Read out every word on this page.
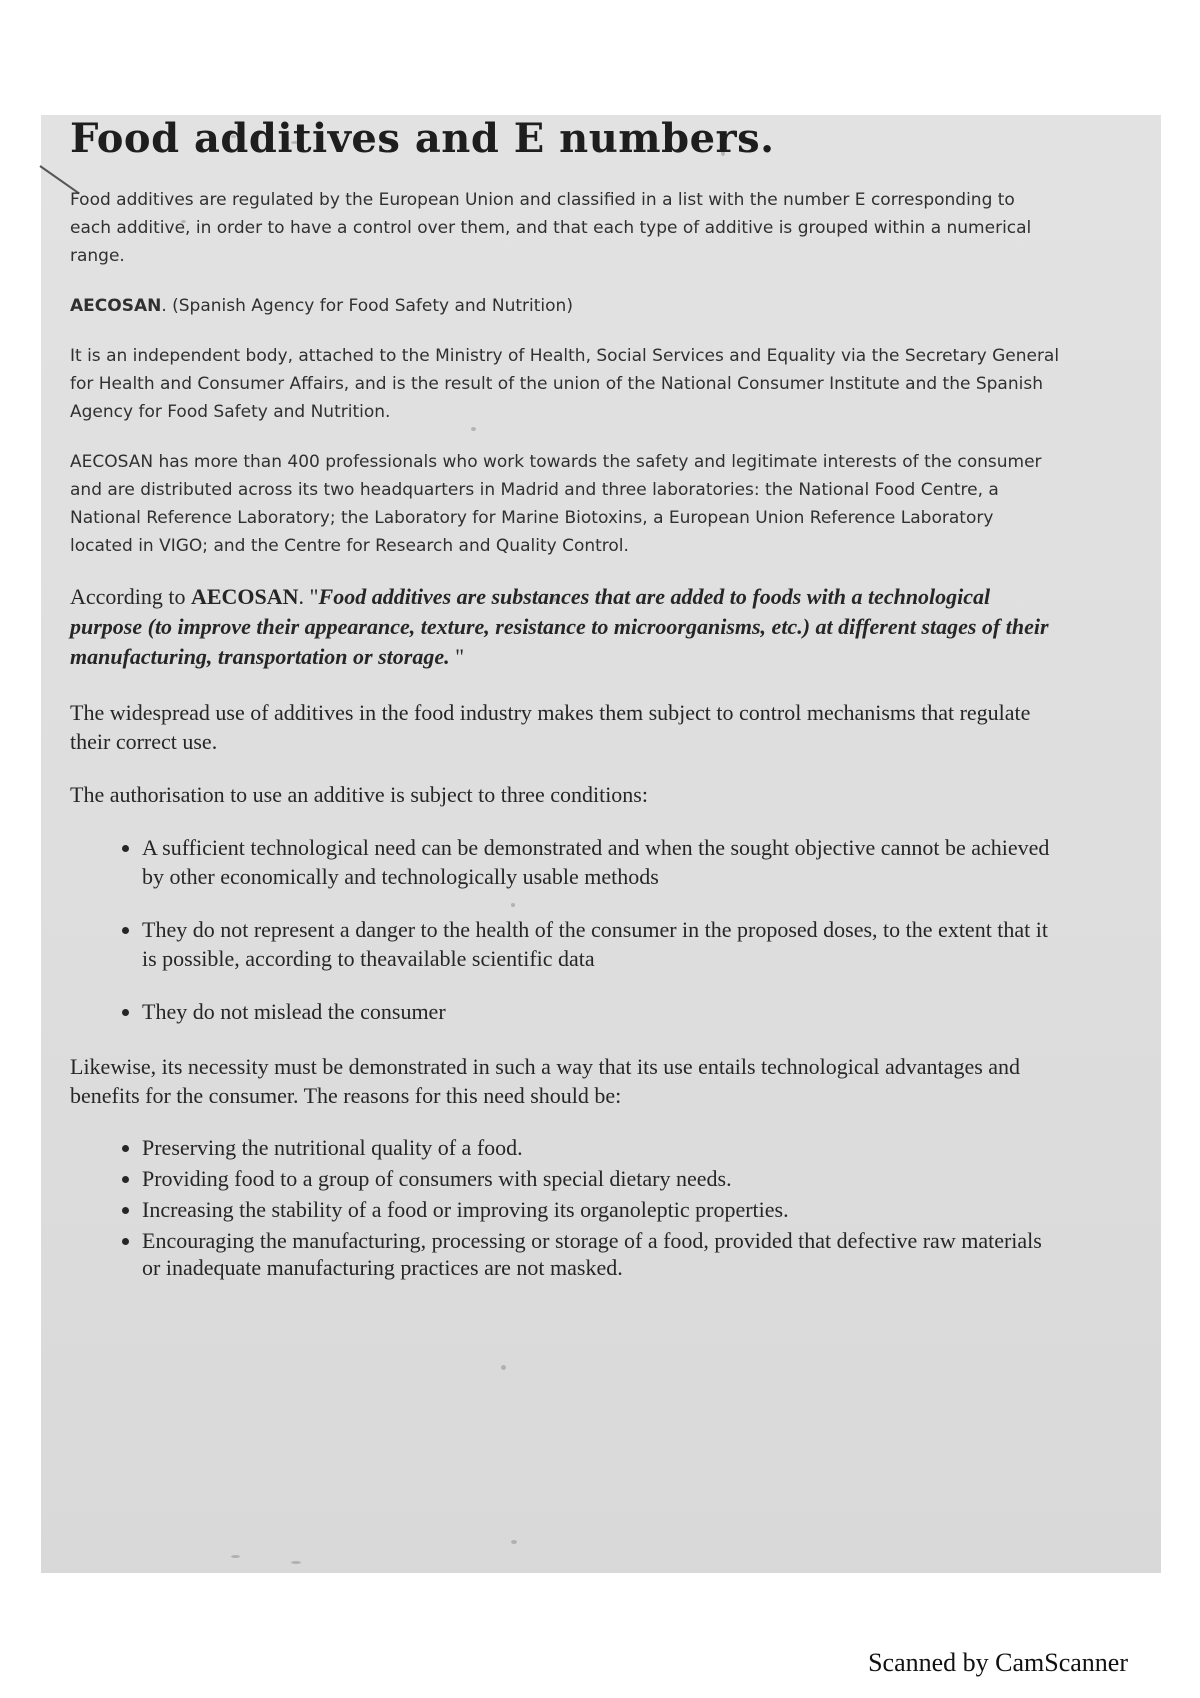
Food additives and E numbers.

Food additives are regulated by the European Union and classified in a list with the number E corresponding to each additive, in order to have a control over them, and that each type of additive is grouped within a numerical range.

AECOSAN. (Spanish Agency for Food Safety and Nutrition)

It is an independent body, attached to the Ministry of Health, Social Services and Equality via the Secretary General for Health and Consumer Affairs, and is the result of the union of the National Consumer Institute and the Spanish Agency for Food Safety and Nutrition.

AECOSAN has more than 400 professionals who work towards the safety and legitimate interests of the consumer and are distributed across its two headquarters in Madrid and three laboratories: the National Food Centre, a National Reference Laboratory; the Laboratory for Marine Biotoxins, a European Union Reference Laboratory located in VIGO; and the Centre for Research and Quality Control.

According to AECOSAN. "Food additives are substances that are added to foods with a technological purpose (to improve their appearance, texture, resistance to microorganisms, etc.) at different stages of their manufacturing, transportation or storage. "

The widespread use of additives in the food industry makes them subject to control mechanisms that regulate their correct use.

The authorisation to use an additive is subject to three conditions:

• A sufficient technological need can be demonstrated and when the sought objective cannot be achieved by other economically and technologically usable methods
• They do not represent a danger to the health of the consumer in the proposed doses, to the extent that it is possible, according to theavailable scientific data
• They do not mislead the consumer

Likewise, its necessity must be demonstrated in such a way that its use entails technological advantages and benefits for the consumer. The reasons for this need should be:

• Preserving the nutritional quality of a food.
• Providing food to a group of consumers with special dietary needs.
• Increasing the stability of a food or improving its organoleptic properties.
• Encouraging the manufacturing, processing or storage of a food, provided that defective raw materials or inadequate manufacturing practices are not masked.
Scanned by CamScanner
